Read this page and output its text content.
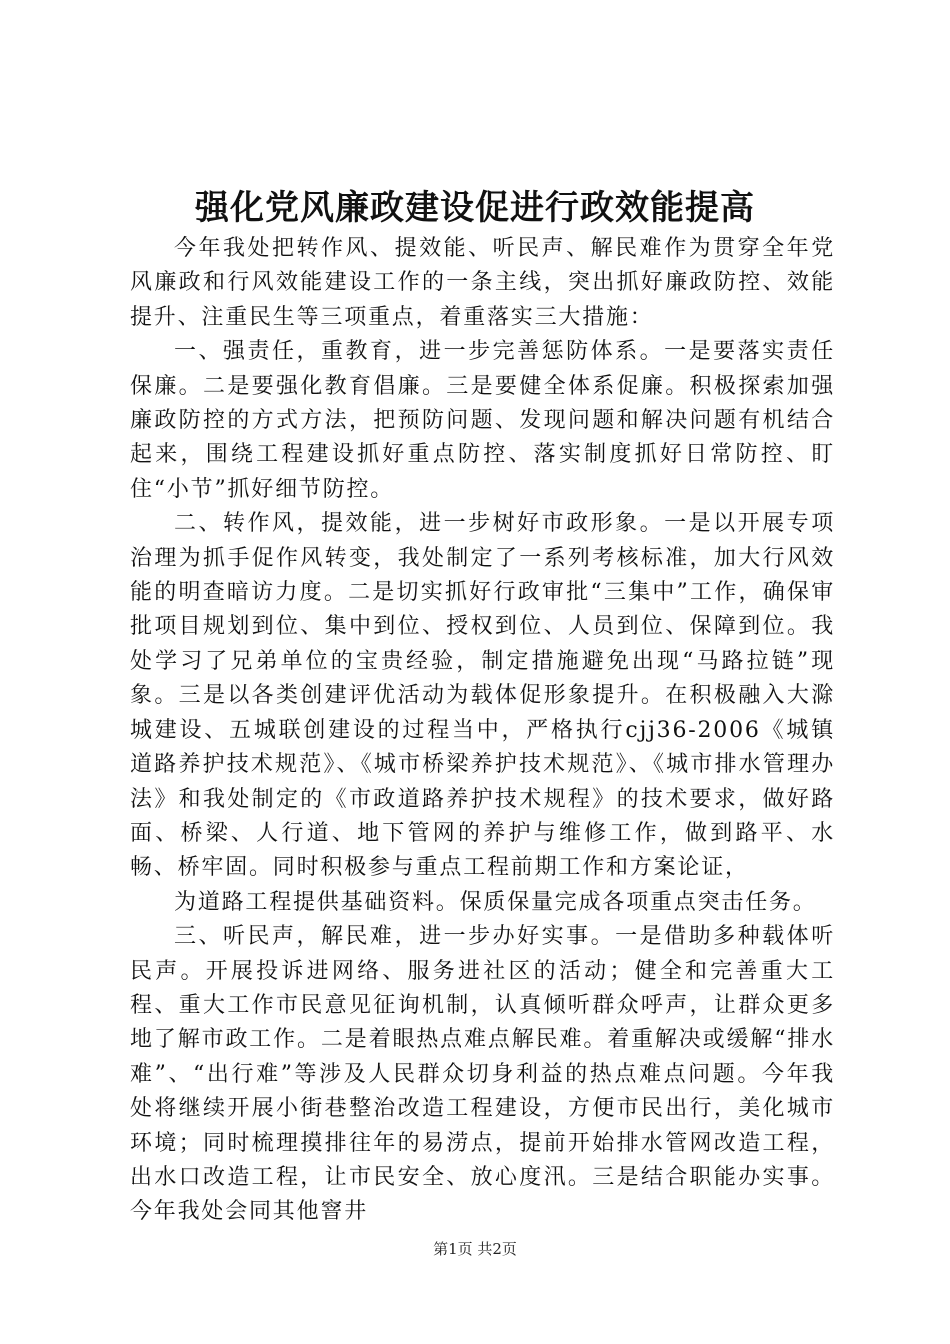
强化党风廉政建设促进行政效能提高

今年我处把转作风、提效能、听民声、解民难作为贯穿全年党风廉政和行风效能建设工作的一条主线，突出抓好廉政防控、效能提升、注重民生等三项重点，着重落实三大措施：

一、强责任，重教育，进一步完善惩防体系。一是要落实责任保廉。二是要强化教育倡廉。三是要健全体系促廉。积极探索加强廉政防控的方式方法，把预防问题、发现问题和解决问题有机结合起来，围绕工程建设抓好重点防控、落实制度抓好日常防控、盯住“小节”抓好细节防控。

二、转作风，提效能，进一步树好市政形象。一是以开展专项治理为抓手促作风转变，我处制定了一系列考核标准，加大行风效能的明查暗访力度。二是切实抓好行政审批“三集中”工作，确保审批项目规划到位、集中到位、授权到位、人员到位、保障到位。我处学习了兄弟单位的宝贵经验，制定措施避免出现“马路拉链”现象。三是以各类创建评优活动为载体促形象提升。在积极融入大滁城建设、五城联创建设的过程当中，严格执行cjj36-2006《城镇道路养护技术规范》、《城市桥梁养护技术规范》、《城市排水管理办法》和我处制定的《市政道路养护技术规程》的技术要求，做好路面、桥梁、人行道、地下管网的养护与维修工作，做到路平、水畅、桥牢固。同时积极参与重点工程前期工作和方案论证，

为道路工程提供基础资料。保质保量完成各项重点突击任务。

三、听民声，解民难，进一步办好实事。一是借助多种载体听民声。开展投诉进网络、服务进社区的活动；健全和完善重大工程、重大工作市民意见征询机制，认真倾听群众呼声，让群众更多地了解市政工作。二是着眼热点难点解民难。着重解决或缓解“排水难”、“出行难”等涉及人民群众切身利益的热点难点问题。今年我处将继续开展小街巷整治改造工程建设，方便市民出行，美化城市环境；同时梳理摸排往年的易涝点，提前开始排水管网改造工程，出水口改造工程，让市民安全、放心度汛。三是结合职能办实事。今年我处会同其他窨井

第1页 共2页
